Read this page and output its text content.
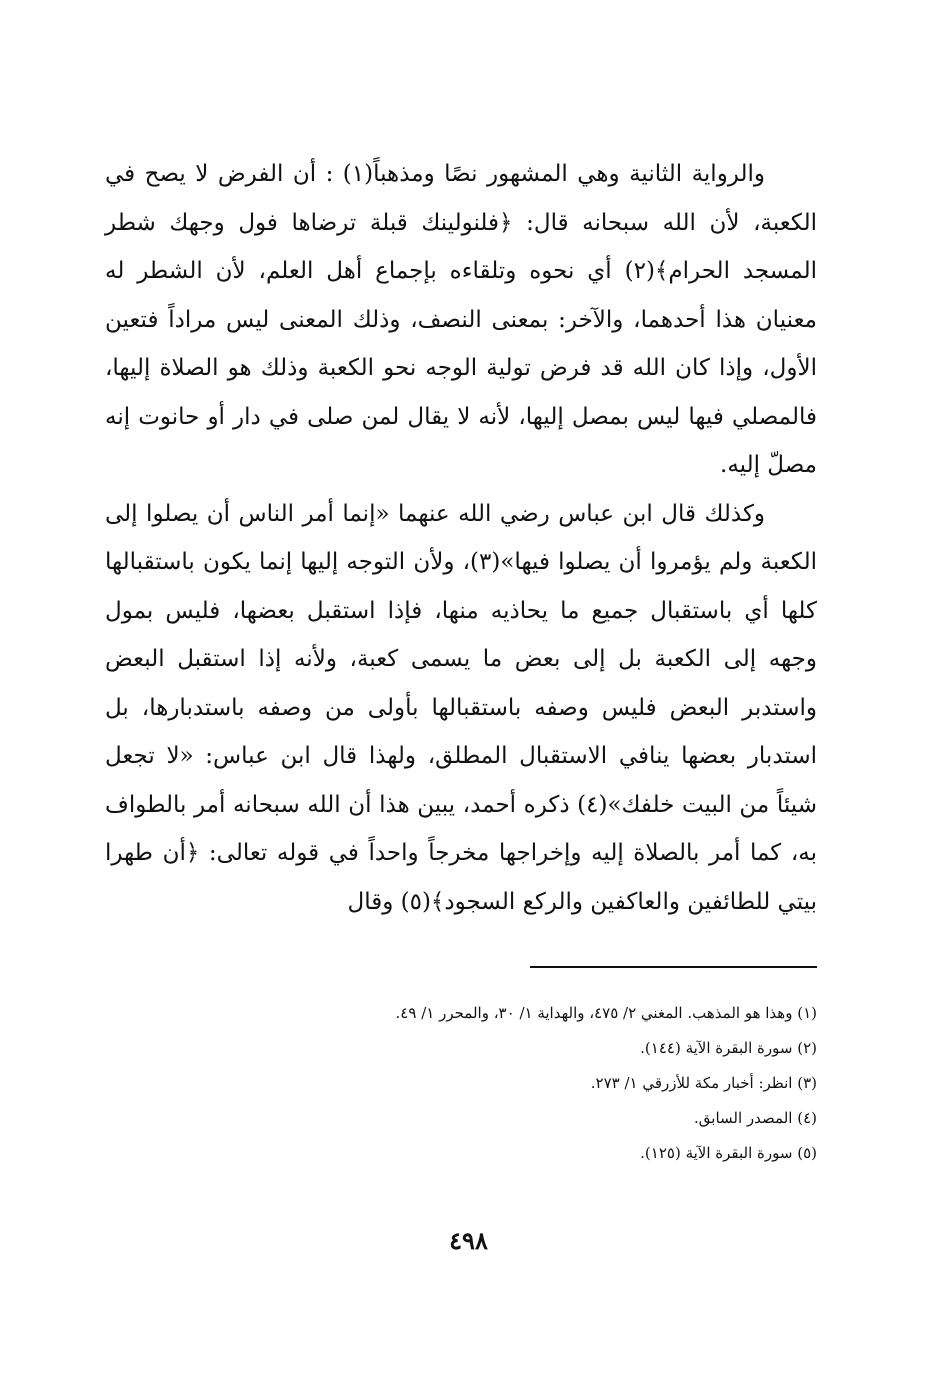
والرواية الثانية وهي المشهور نصًا ومذهباً(١) : أن الفرض لا يصح في الكعبة، لأن الله سبحانه قال: ﴿فلنولينك قبلة ترضاها فول وجهك شطر المسجد الحرام﴾(٢) أي نحوه وتلقاءه بإجماع أهل العلم، لأن الشطر له معنيان هذا أحدهما، والآخر: بمعنى النصف، وذلك المعنى ليس مراداً فتعين الأول، وإذا كان الله قد فرض تولية الوجه نحو الكعبة وذلك هو الصلاة إليها، فالمصلي فيها ليس بمصل إليها، لأنه لا يقال لمن صلى في دار أو حانوت إنه مصلّ إليه.

وكذلك قال ابن عباس رضي الله عنهما «إنما أمر الناس أن يصلوا إلى الكعبة ولم يؤمروا أن يصلوا فيها»(٣)، ولأن التوجه إليها إنما يكون باستقبالها كلها أي باستقبال جميع ما يحاذيه منها، فإذا استقبل بعضها، فليس بمول وجهه إلى الكعبة بل إلى بعض ما يسمى كعبة، ولأنه إذا استقبل البعض واستدبر البعض فليس وصفه باستقبالها بأولى من وصفه باستدبارها، بل استدبار بعضها ينافي الاستقبال المطلق، ولهذا قال ابن عباس: «لا تجعل شيئاً من البيت خلفك»(٤) ذكره أحمد، يبين هذا أن الله سبحانه أمر بالطواف به، كما أمر بالصلاة إليه وإخراجها مخرجاً واحداً في قوله تعالى: ﴿أن طهرا بيتي للطائفين والعاكفين والركع السجود﴾(٥) وقال

(١) وهذا هو المذهب. المغني ٢/ ٤٧٥، والهداية ١/ ٣٠، والمحرر ١/ ٤٩.

(٢) سورة البقرة الآية (١٤٤).

(٣) انظر: أخبار مكة للأزرقي ١/ ٢٧٣.

(٤) المصدر السابق.

(٥) سورة البقرة الآية (١٢٥).

٤٩٨
